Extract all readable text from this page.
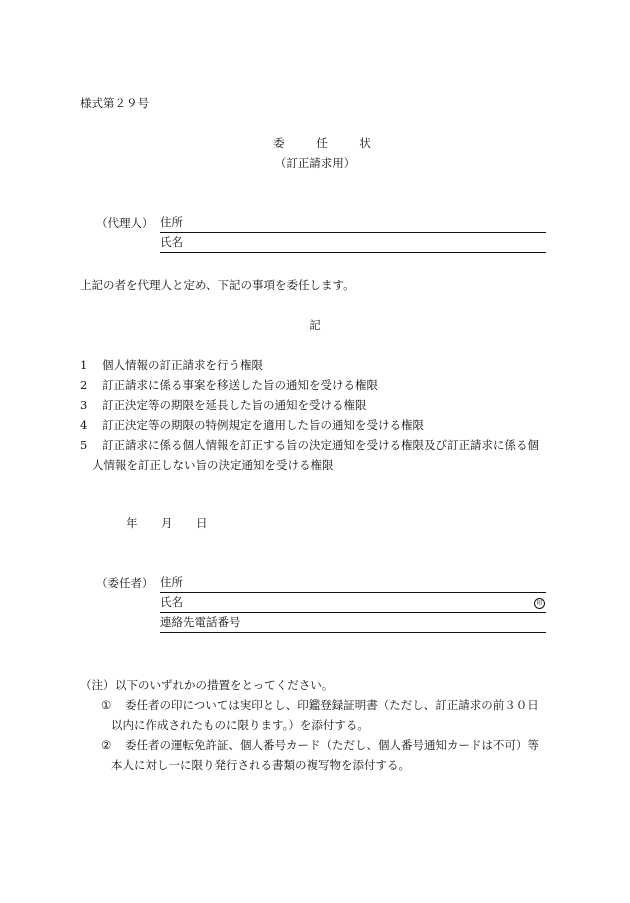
様式第２９号
委 任 状
（訂正請求用）
（代理人） 住所
氏名
上記の者を代理人と定め、下記の事項を委任します。
記
1 個人情報の訂正請求を行う権限
2 訂正請求に係る事案を移送した旨の通知を受ける権限
3 訂正決定等の期限を延長した旨の通知を受ける権限
4 訂正決定等の期限の特例規定を適用した旨の通知を受ける権限
5 訂正請求に係る個人情報を訂正する旨の決定通知を受ける権限及び訂正請求に係る個
人情報を訂正しない旨の決定通知を受ける権限
年 月 日
（委任者） 住所
氏名	印
連絡先電話番号
（注） 以下のいずれかの措置をとってください。
① 委任者の印については実印とし、印鑑登録証明書（ただし、訂正請求の前３０日
以内に作成されたものに限ります。）を添付する。
② 委任者の運転免許証、個人番号カード（ただし、個人番号通知カードは不可）等
本人に対し一に限り発行される書類の複写物を添付する。
